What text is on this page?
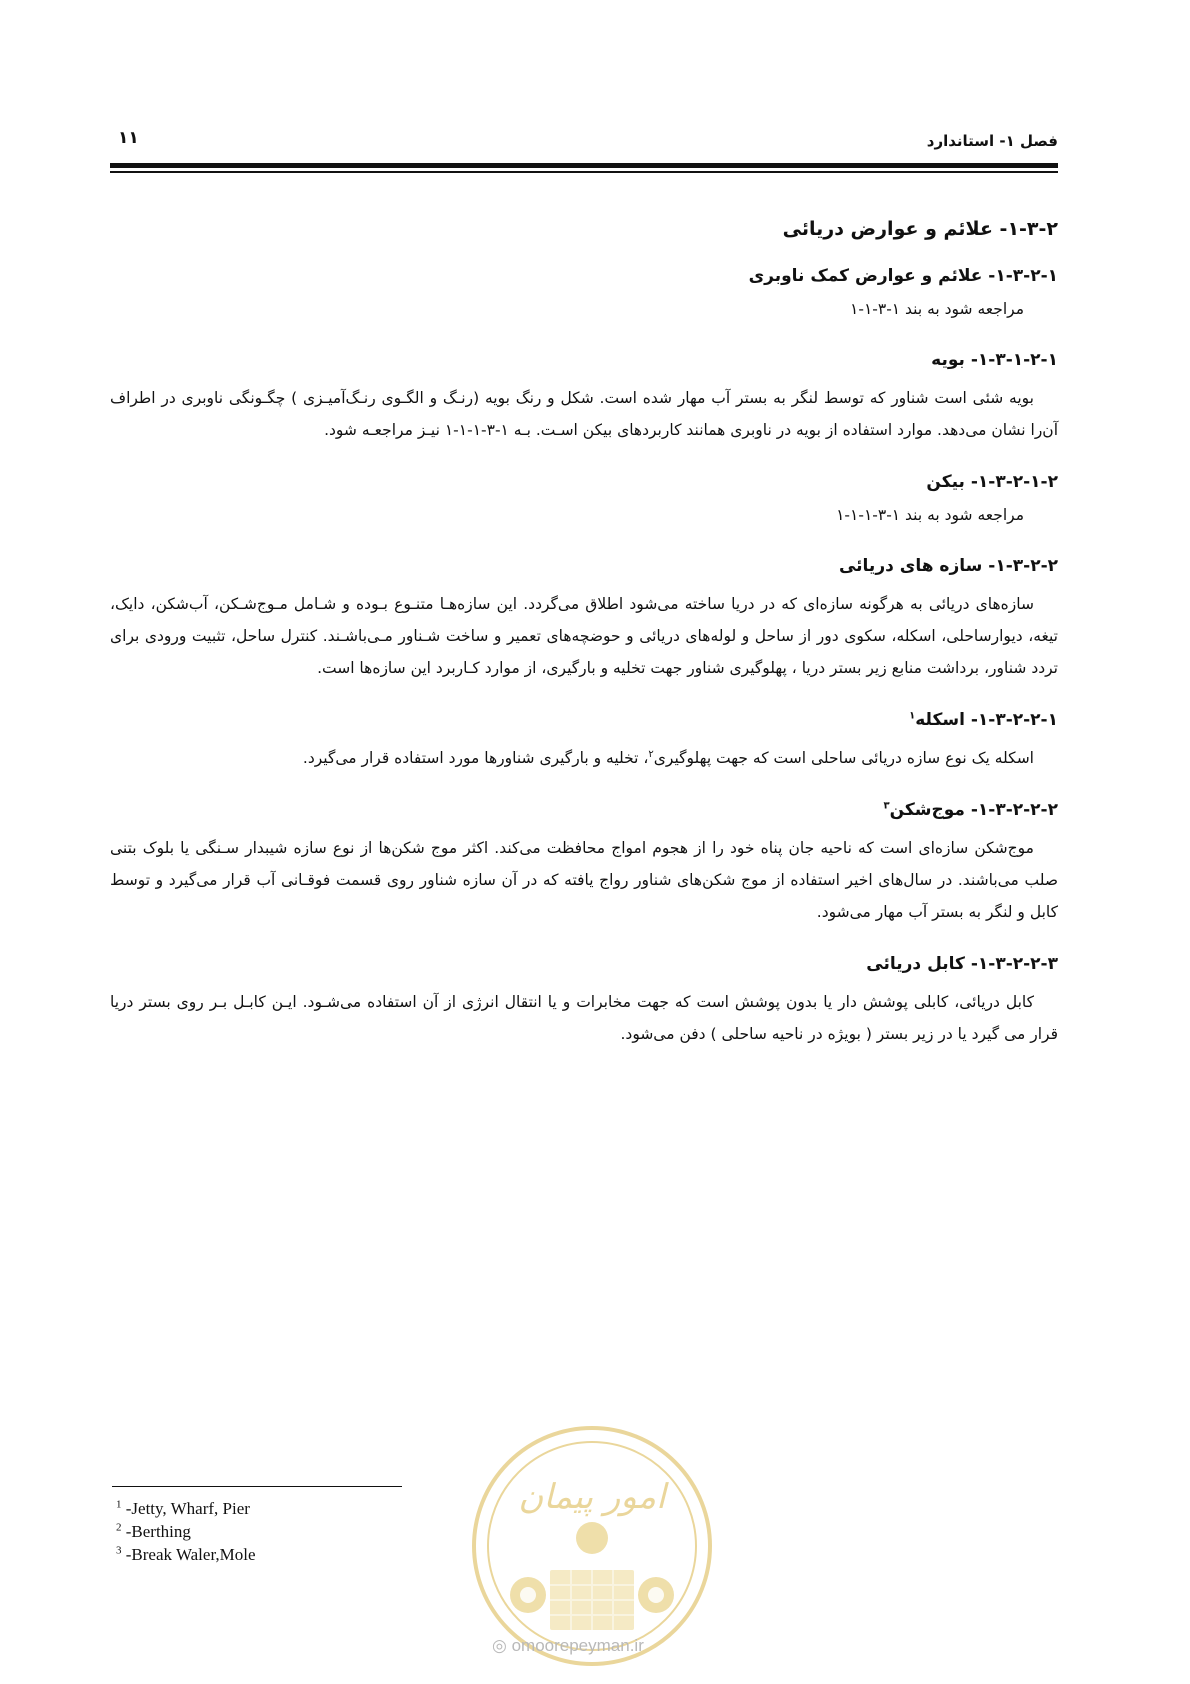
فصل ۱- استاندارد
۱۱
۱-۳-۲- علائم و عوارض دریائی
۱-۳-۲-۱- علائم و عوارض کمک ناوبری
مراجعه شود به بند ۱-۳-۱-۱
۱-۳-۱-۲-۱- بویه

بویه شئی است شناور که توسط لنگر به بستر آب مهار شده است. شکل و رنگ بویه (رنـگ و الگـوی رنـگ‌آمیـزی ) چگـونگی ناوبری در اطراف آن‌را نشان می‌دهد. موارد استفاده از بویه در ناوبری همانند کاربردهای بیکن اسـت. بـه ۱-۳-۱-۱-۱ نیـز مراجعـه شود.

۱-۳-۲-۱-۲- بیکن
مراجعه شود به بند ۱-۳-۱-۱-۱
۱-۳-۲-۲- سازه های دریائی

سازه‌های دریائی به هرگونه سازه‌ای که در دریا ساخته می‌شود اطلاق می‌گردد. این سازه‌هـا متنـوع بـوده و شـامل مـوج‌شـکن، آب‌شکن، دایک، تیغه، دیوارساحلی، اسکله، سکوی دور از ساحل و لوله‌های دریائی و حوضچه‌های تعمیر و ساخت شـناور مـی‌باشـند. کنترل ساحل، تثبیت ورودی برای تردد شناور، برداشت منابع زیر بستر دریا ، پهلوگیری شناور جهت تخلیه و بارگیری، از موارد کـاربرد این سازه‌ها است.

۱-۳-۲-۲-۱- اسکله$^۱$

اسکله یک نوع سازه دریائی ساحلی است که جهت پهلوگیری$^۲$، تخلیه و بارگیری شناورها مورد استفاده قرار می‌گیرد.

۱-۳-۲-۲-۲- موج‌شکن$^۳$

موج‌شکن سازه‌ای است که ناحیه جان پناه خود را از هجوم امواج محافظت می‌کند. اکثر موج شکن‌ها از نوع سازه شیبدار سـنگی یا بلوک بتنی صلب می‌باشند. در سال‌های اخیر استفاده از موج شکن‌های شناور رواج یافته که در آن سازه شناور روی قسمت فوقـانی آب قرار می‌گیرد و توسط کابل و لنگر به بستر آب مهار می‌شود.

۱-۳-۲-۲-۳- کابل دریائی

کابل دریائی، کابلی پوشش دار یا بدون پوشش است که جهت مخابرات و یا انتقال انرژی از آن استفاده می‌شـود. ایـن کابـل بـر روی بستر دریا قرار می گیرد یا در زیر بستر ( بویژه در ناحیه ساحلی ) دفن می‌شود.

امور پیمان
◎ omoorepeyman.ir
$^1$ -Jetty, Wharf, Pier
$^2$ -Berthing
$^3$ -Break Waler,Mole
